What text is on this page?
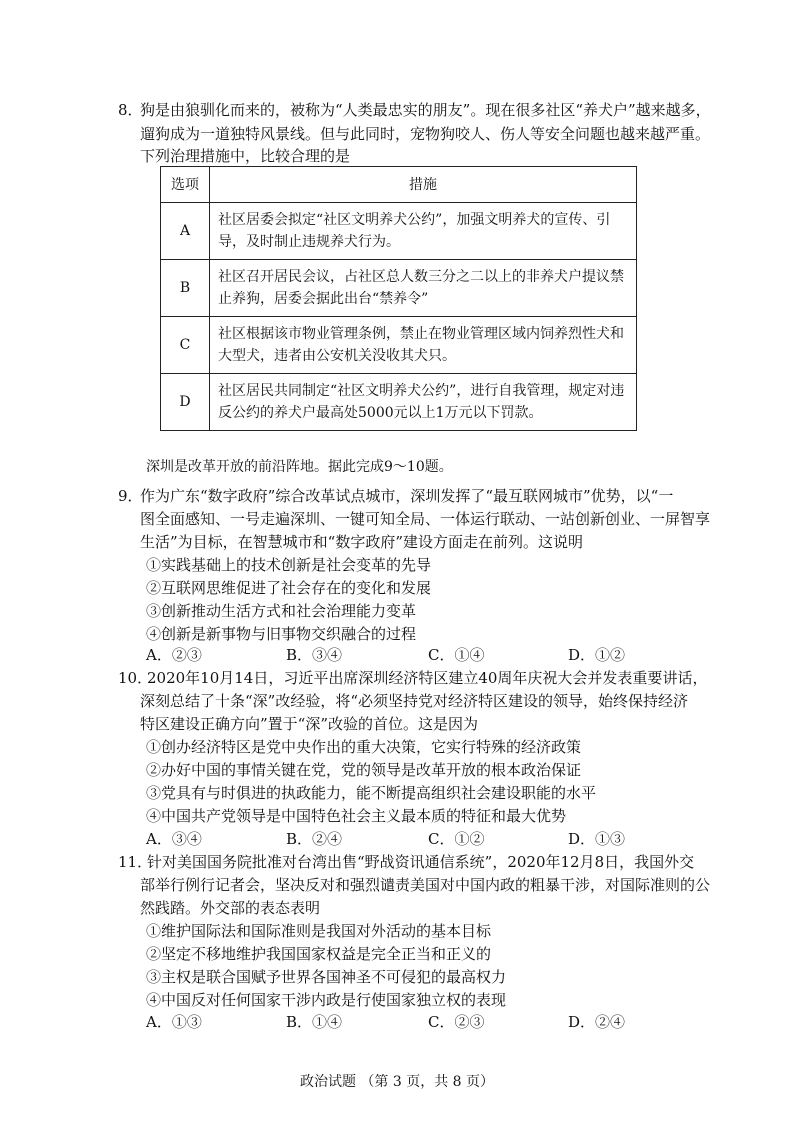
8．
狗是由狼驯化而来的，被称为“人类最忠实的朋友”。现在很多社区“养犬户”越来越多，
遛狗成为一道独特风景线。但与此同时，宠物狗咬人、伤人等安全问题也越来越严重。
下列治理措施中，比较合理的是
选项	措施
A	社区居委会拟定“社区文明养犬公约”，加强文明养犬的宣传、引导，及时制止违规养犬行为。
B	社区召开居民会议，占社区总人数三分之二以上的非养犬户提议禁止养狗，居委会据此出台“禁养令”
C	社区根据该市物业管理条例，禁止在物业管理区域内饲养烈性犬和大型犬，违者由公安机关没收其犬只。
D	社区居民共同制定“社区文明养犬公约”，进行自我管理，规定对违反公约的养犬户最高处5000元以上1万元以下罚款。
深圳是改革开放的前沿阵地。据此完成9～10题。
9．
作为广东“数字政府”综合改革试点城市，深圳发挥了“最互联网城市”优势，以“一
图全面感知、一号走遍深圳、一键可知全局、一体运行联动、一站创新创业、一屏智享
生活”为目标，在智慧城市和“数字政府”建设方面走在前列。这说明
①实践基础上的技术创新是社会变革的先导
②互联网思维促进了社会存在的变化和发展
③创新推动生活方式和社会治理能力变革
④创新是新事物与旧事物交织融合的过程
A．②③	B．③④	C．①④	D．①②
10．
2020年10月14日，习近平出席深圳经济特区建立40周年庆祝大会并发表重要讲话，
深刻总结了十条“深”改经验，将“必须坚持党对经济特区建设的领导，始终保持经济
特区建设正确方向”置于“深”改验的首位。这是因为
①创办经济特区是党中央作出的重大决策，它实行特殊的经济政策
②办好中国的事情关键在党，党的领导是改革开放的根本政治保证
③党具有与时俱进的执政能力，能不断提高组织社会建设职能的水平
④中国共产党领导是中国特色社会主义最本质的特征和最大优势
A．③④	B．②④	C．①②	D．①③
11．
针对美国国务院批准对台湾出售“野战资讯通信系统”，2020年12月8日，我国外交
部举行例行记者会，坚决反对和强烈谴责美国对中国内政的粗暴干涉，对国际准则的公
然践踏。外交部的表态表明
①维护国际法和国际准则是我国对外活动的基本目标
②坚定不移地维护我国国家权益是完全正当和正义的
③主权是联合国赋予世界各国神圣不可侵犯的最高权力
④中国反对任何国家干涉内政是行使国家独立权的表现
A．①③	B．①④	C．②③	D．②④
政治试题 （第 3 页，共 8 页）
